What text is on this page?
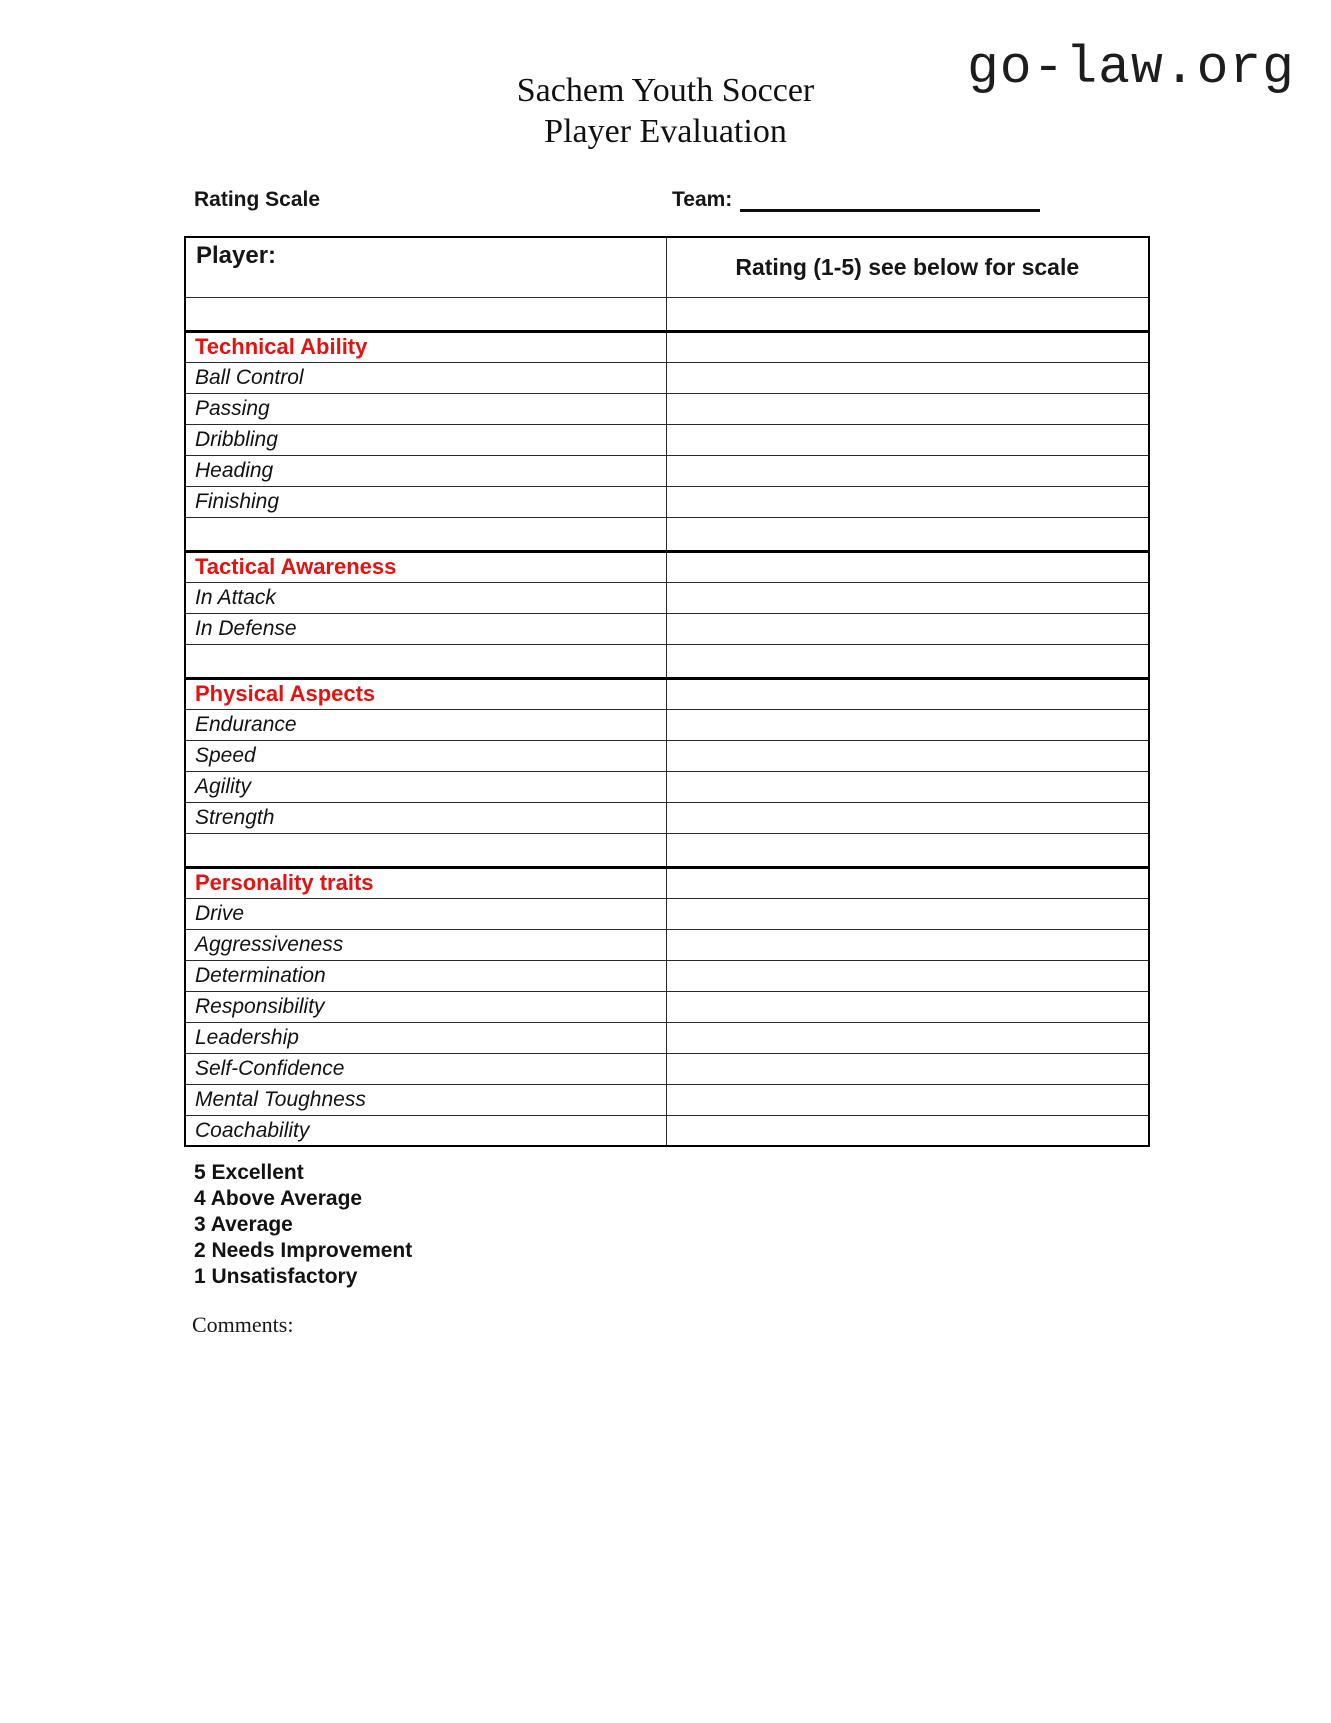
go-law.org
Sachem Youth Soccer
Player Evaluation
Rating Scale	Team:
Player:	Rating (1-5) see below for scale

Technical Ability	
Ball Control	
Passing	
Dribbling	
Heading	
Finishing	

Tactical Awareness	
In Attack	
In Defense	

Physical Aspects	
Endurance	
Speed	
Agility	
Strength	

Personality traits	
Drive	
Aggressiveness	
Determination	
Responsibility	
Leadership	
Self-Confidence	
Mental Toughness	
Coachability	
5 Excellent
4 Above Average
3 Average
2 Needs Improvement
1 Unsatisfactory
Comments:
